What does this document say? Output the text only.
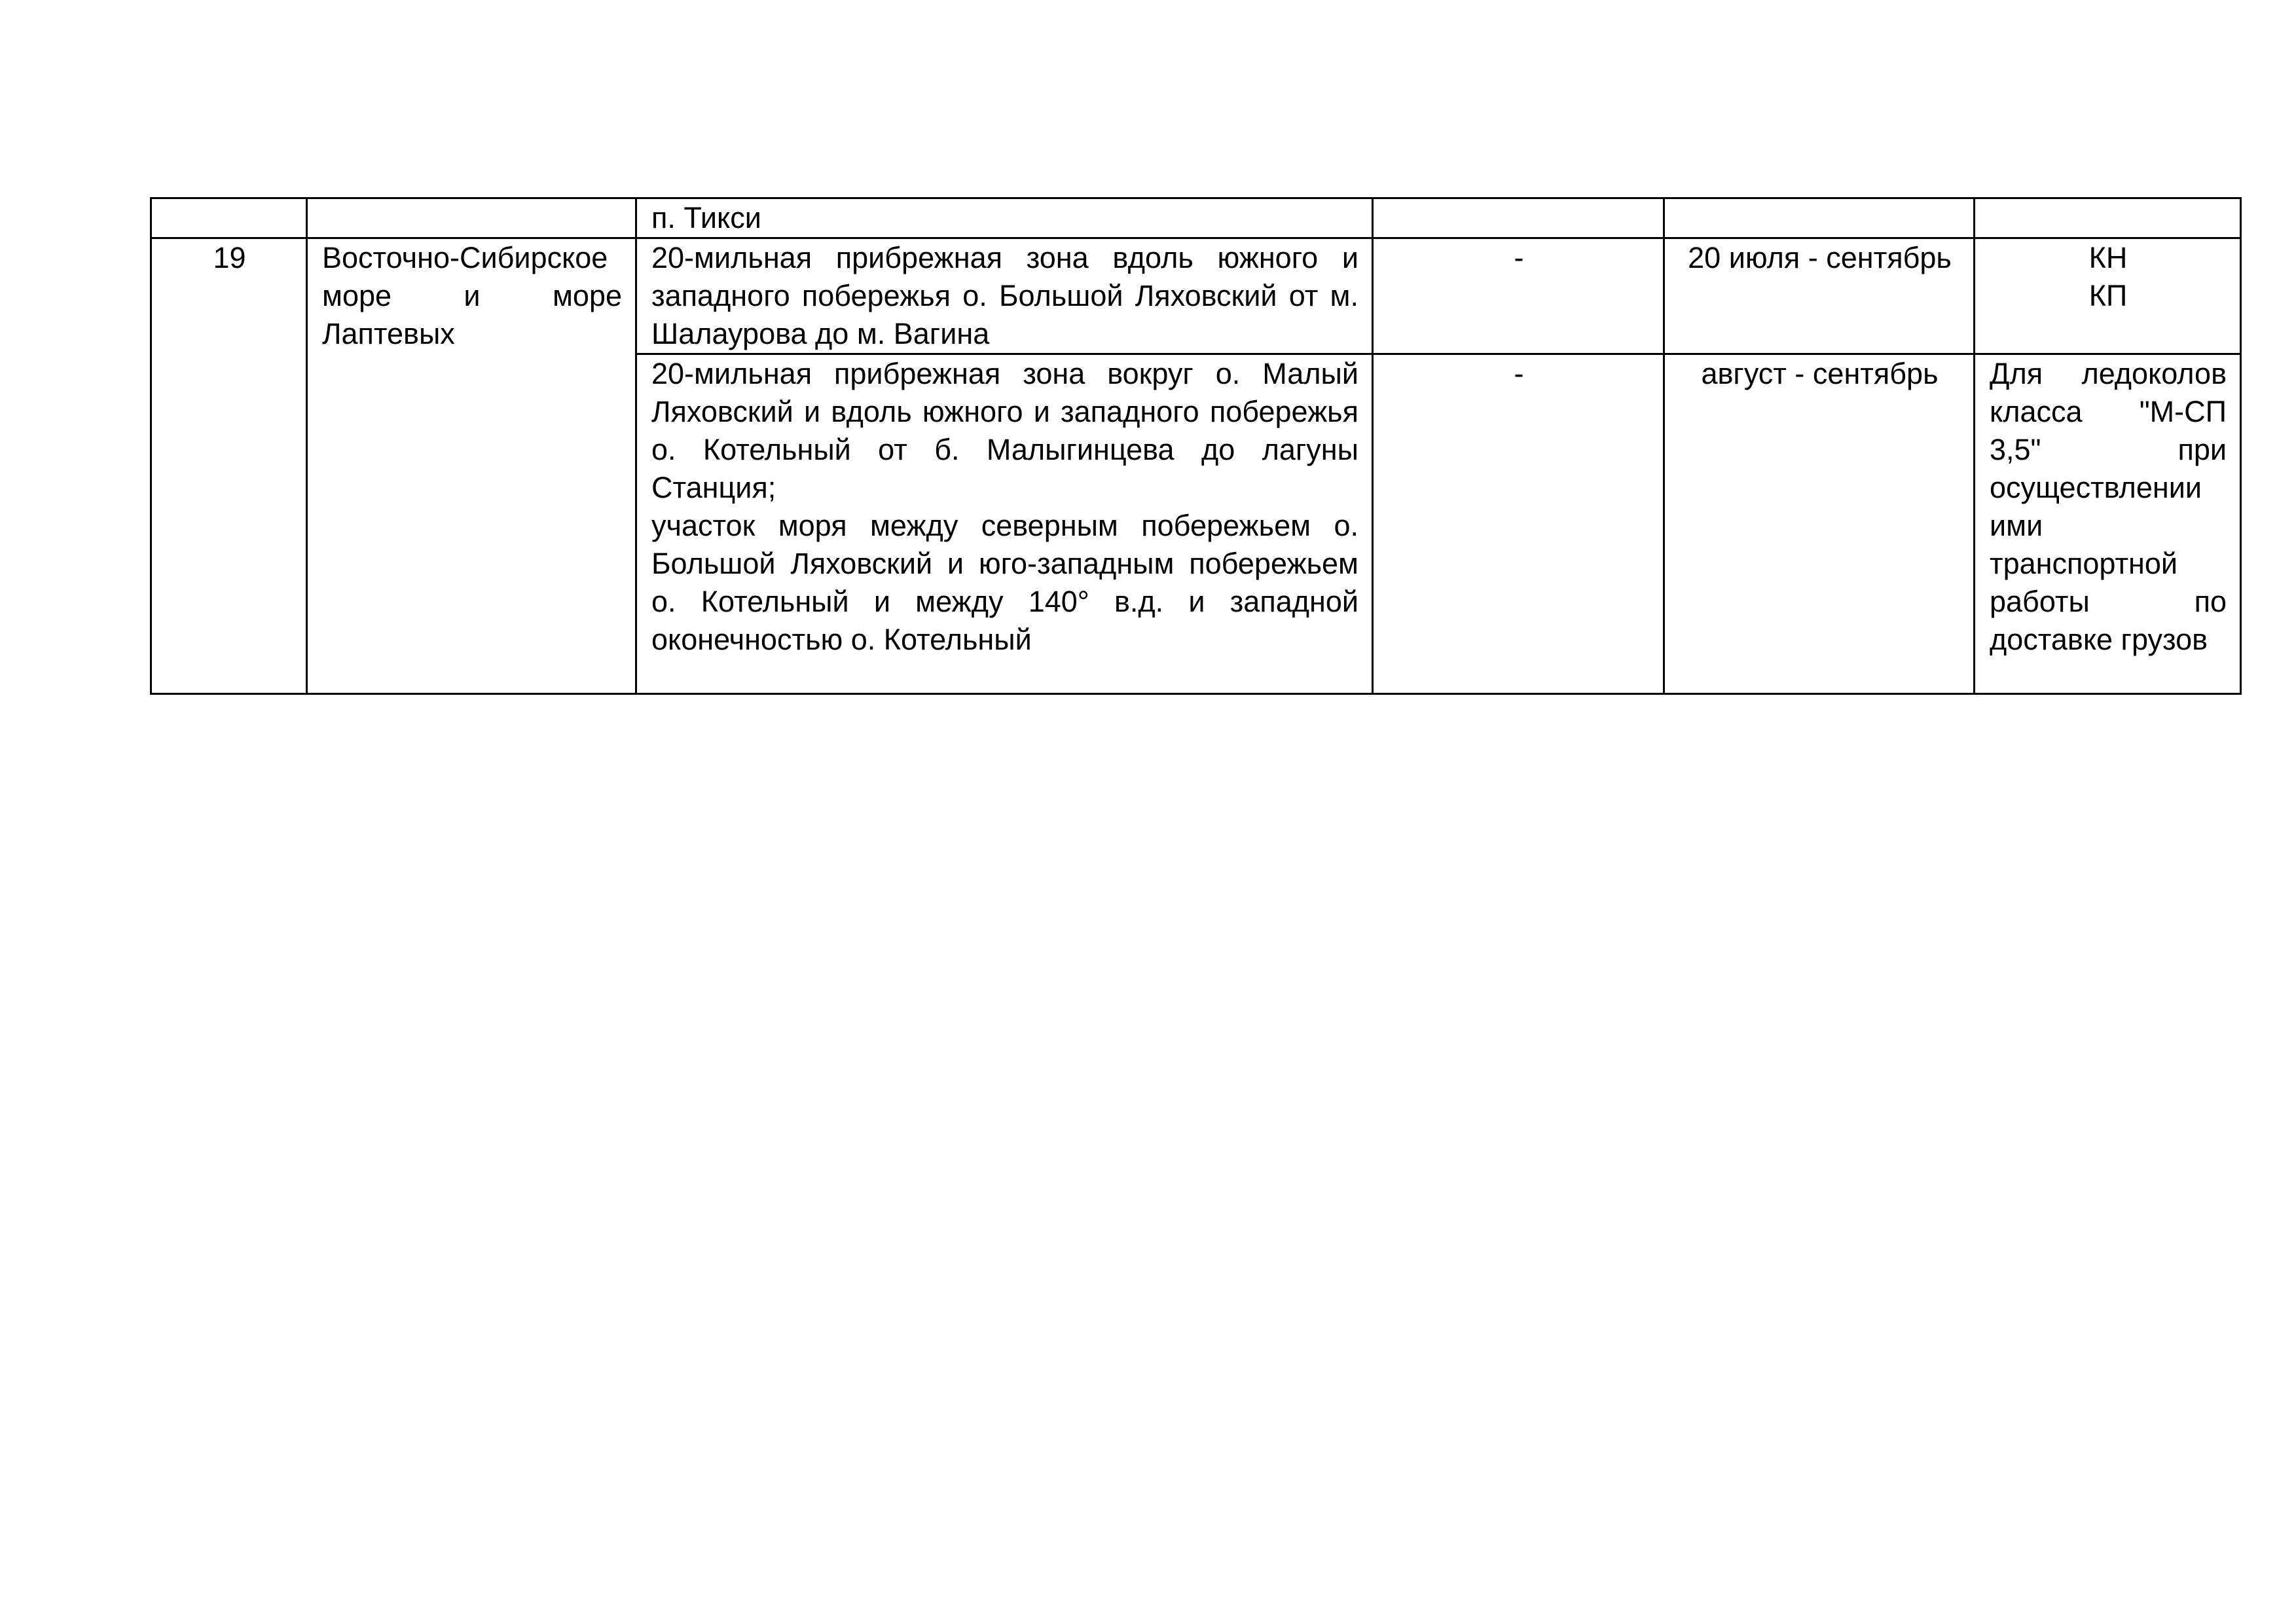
		п. Тикси			
19	Восточно-Сибирское море и море Лаптевых	20-мильная прибрежная зона вдоль южного и западного побережья о. Большой Ляховский от м. Шалаурова до м. Вагина	-	20 июля - сентябрь	КН
КП

		20-мильная прибрежная зона вокруг о. Малый Ляховский и вдоль южного и западного побережья о. Котельный от б. Малыгинцева до лагуны Станция;
участок моря между северным побережьем о. Большой Ляховский и юго-западным побережьем о. Котельный и между 140° в.д. и западной оконечностью о. Котельный	-	август - сентябрь	Для ледоколов класса "М-СП 3,5" при осуществлении ими транспортной работы по доставке грузов
